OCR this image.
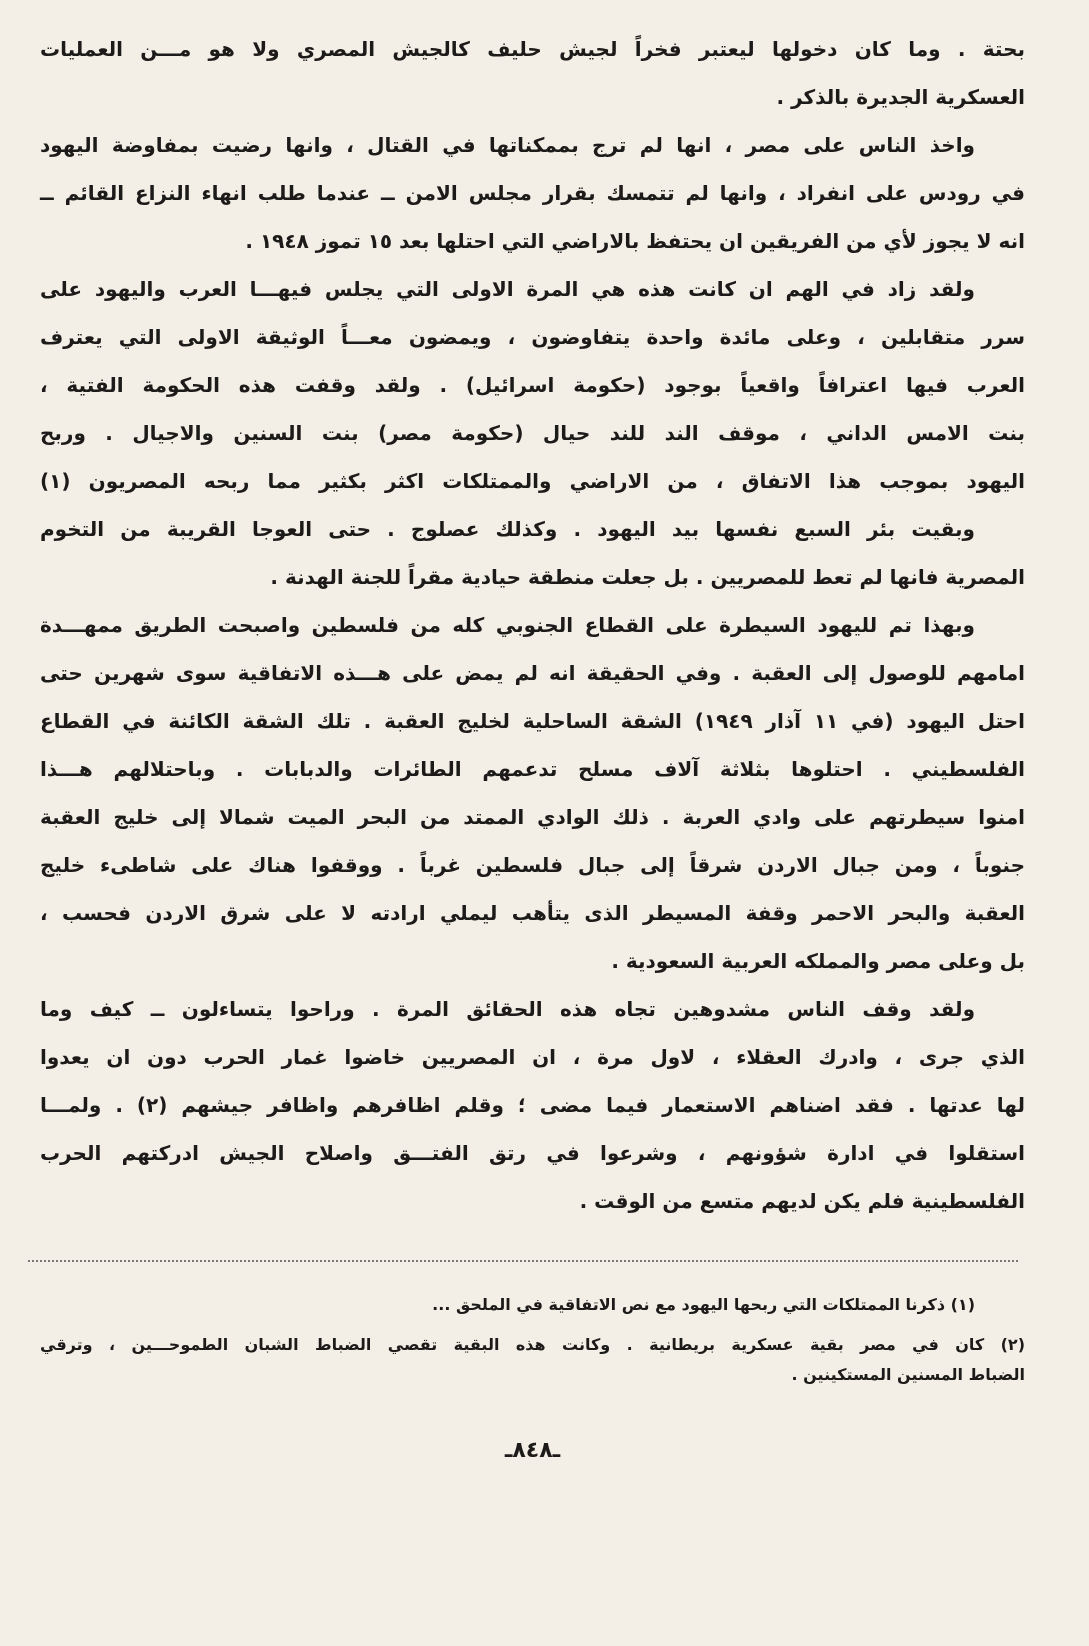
بحتة . وما كان دخولها ليعتبر فخراً لجيش حليف كالجيش المصري ولا هو مـــن العمليات
العسكرية الجديرة بالذكر .
واخذ الناس على مصر ، انها لم ترج بممكناتها في القتال ، وانها رضيت بمفاوضة اليهود
في رودس على انفراد ، وانها لم تتمسك بقرار مجلس الامن ــ عندما طلب انهاء النزاع القائم ــ
انه لا يجوز لأي من الفريقين ان يحتفظ بالاراضي التي احتلها بعد ١٥ تموز ١٩٤٨ .
ولقد زاد في الهم ان كانت هذه هي المرة الاولى التي يجلس فيهـــا العرب واليهود على
سرر متقابلين ، وعلى مائدة واحدة يتفاوضون ، ويمضون معـــاً الوثيقة الاولى التي يعترف
العرب فيها اعترافاً واقعياً بوجود (حكومة اسرائيل) . ولقد وقفت هذه الحكومة الفتية ،
بنت الامس الداني ، موقف الند للند حيال (حكومة مصر) بنت السنين والاجيال . وربح
اليهود بموجب هذا الاتفاق ، من الاراضي والممتلكات اكثر بكثير مما ربحه المصريون (١)
وبقيت بئر السبع نفسها بيد اليهود . وكذلك عصلوج . حتى العوجا القريبة من التخوم
المصرية فانها لم تعط للمصريين . بل جعلت منطقة حيادية مقراً للجنة الهدنة .
وبهذا تم لليهود السيطرة على القطاع الجنوبي كله من فلسطين واصبحت الطريق ممهـــدة
امامهم للوصول إلى العقبة . وفي الحقيقة انه لم يمض على هـــذه الاتفاقية سوى شهرين حتى
احتل اليهود (في ١١ آذار ١٩٤٩) الشقة الساحلية لخليج العقبة . تلك الشقة الكائنة في القطاع
الفلسطيني . احتلوها بثلاثة آلاف مسلح تدعمهم الطائرات والدبابات . وباحتلالهم هـــذا
امنوا سيطرتهم على وادي العربة . ذلك الوادي الممتد من البحر الميت شمالا إلى خليج العقبة
جنوباً ، ومن جبال الاردن شرقاً إلى جبال فلسطين غرباً . ووقفوا هناك على شاطىء خليج
العقبة والبحر الاحمر وقفة المسيطر الذى يتأهب ليملي ارادته لا على شرق الاردن فحسب ،
بل وعلى مصر والمملكه العربية السعودية .
ولقد وقف الناس مشدوهين تجاه هذه الحقائق المرة . وراحوا يتساءلون ــ كيف وما
الذي جرى ، وادرك العقلاء ، لاول مرة ، ان المصريين خاضوا غمار الحرب دون ان يعدوا
لها عدتها . فقد اضناهم الاستعمار فيما مضى ؛ وقلم اظافرهم واظافر جيشهم (٢) . ولمـــا
استقلوا في ادارة شؤونهم ، وشرعوا في رتق الفتـــق واصلاح الجيش ادركتهم الحرب
الفلسطينية فلم يكن لديهم متسع من الوقت .
(١) ذكرنا الممتلكات التي ربحها اليهود مع نص الاتفاقية في الملحق ...
(٢) كان في مصر بقية عسكرية بريطانية . وكانت هذه البقية تقصي الضباط الشبان الطموحـــين ، وترقي
الضباط المسنين المستكينين .
ـ٨٤٨ـ
